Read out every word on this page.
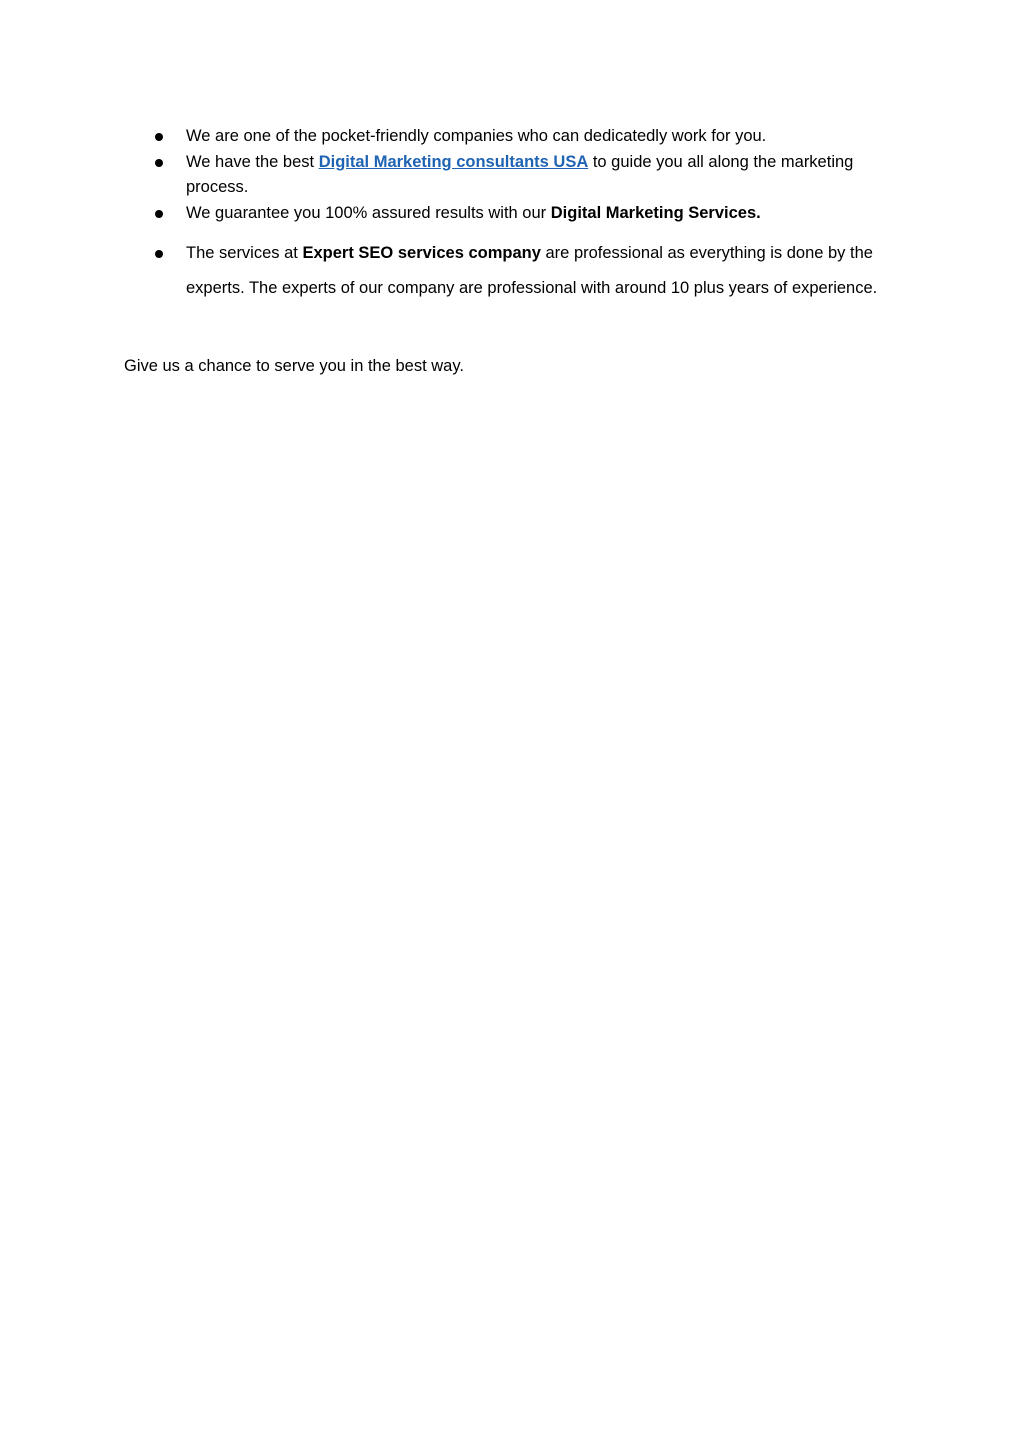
We are one of the pocket-friendly companies who can dedicatedly work for you.
We have the best Digital Marketing consultants USA to guide you all along the marketing process.
We guarantee you 100% assured results with our Digital Marketing Services.
The services at Expert SEO services company are professional as everything is done by the experts. The experts of our company are professional with around 10 plus years of experience.

Give us a chance to serve you in the best way.
